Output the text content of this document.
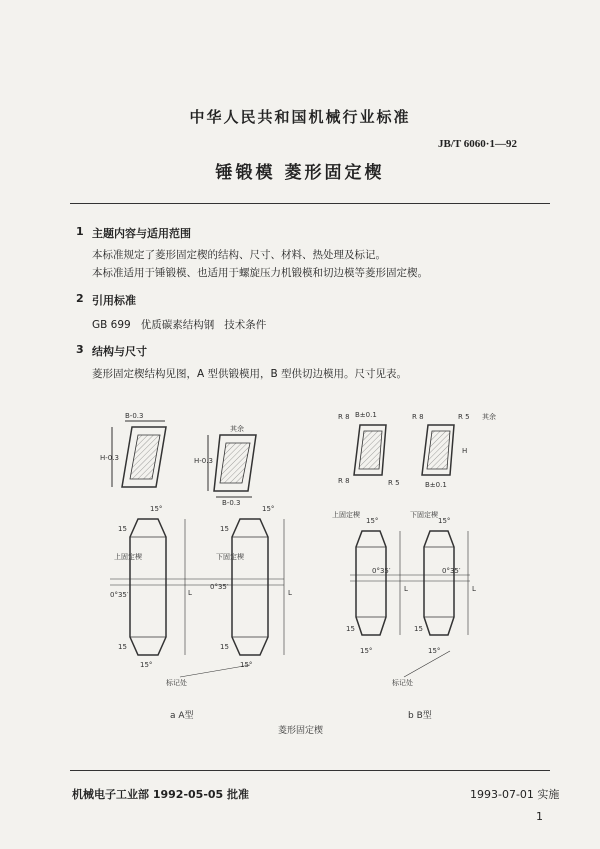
中华人民共和国机械行业标准
JB/T 6060·1—92
锤锻模 菱形固定楔
1 主题内容与适用范围
本标准规定了菱形固定楔的结构、尺寸、材料、热处理及标记。
本标准适用于锤锻模、也适用于螺旋压力机锻模和切边模等菱形固定楔。
2 引用标准
GB 699   优质碳素结构钢   技术条件
3 结构与尺寸
菱形固定楔结构见图，A 型供锻模用，B 型供切边模用。尺寸见表。
B-0.3
H-0.3	H-0.3
B-0.3
其余
R 8 B±0.1
R 8	R 5
R 8	R 5
B±0.1
H
其余
上固定楔	下固定楔
0°35′
0°35′
L	L
15°	15°
15	15
15	15
15°	15°
标记处
上固定楔	下固定楔
15°	15°
0°35′	0°35′
L	L
15	15
15°	15°
标记处
a A型	b B型
菱形固定楔
机械电子工业部 1992-05-05 批准	1993-07-01 实施
1
